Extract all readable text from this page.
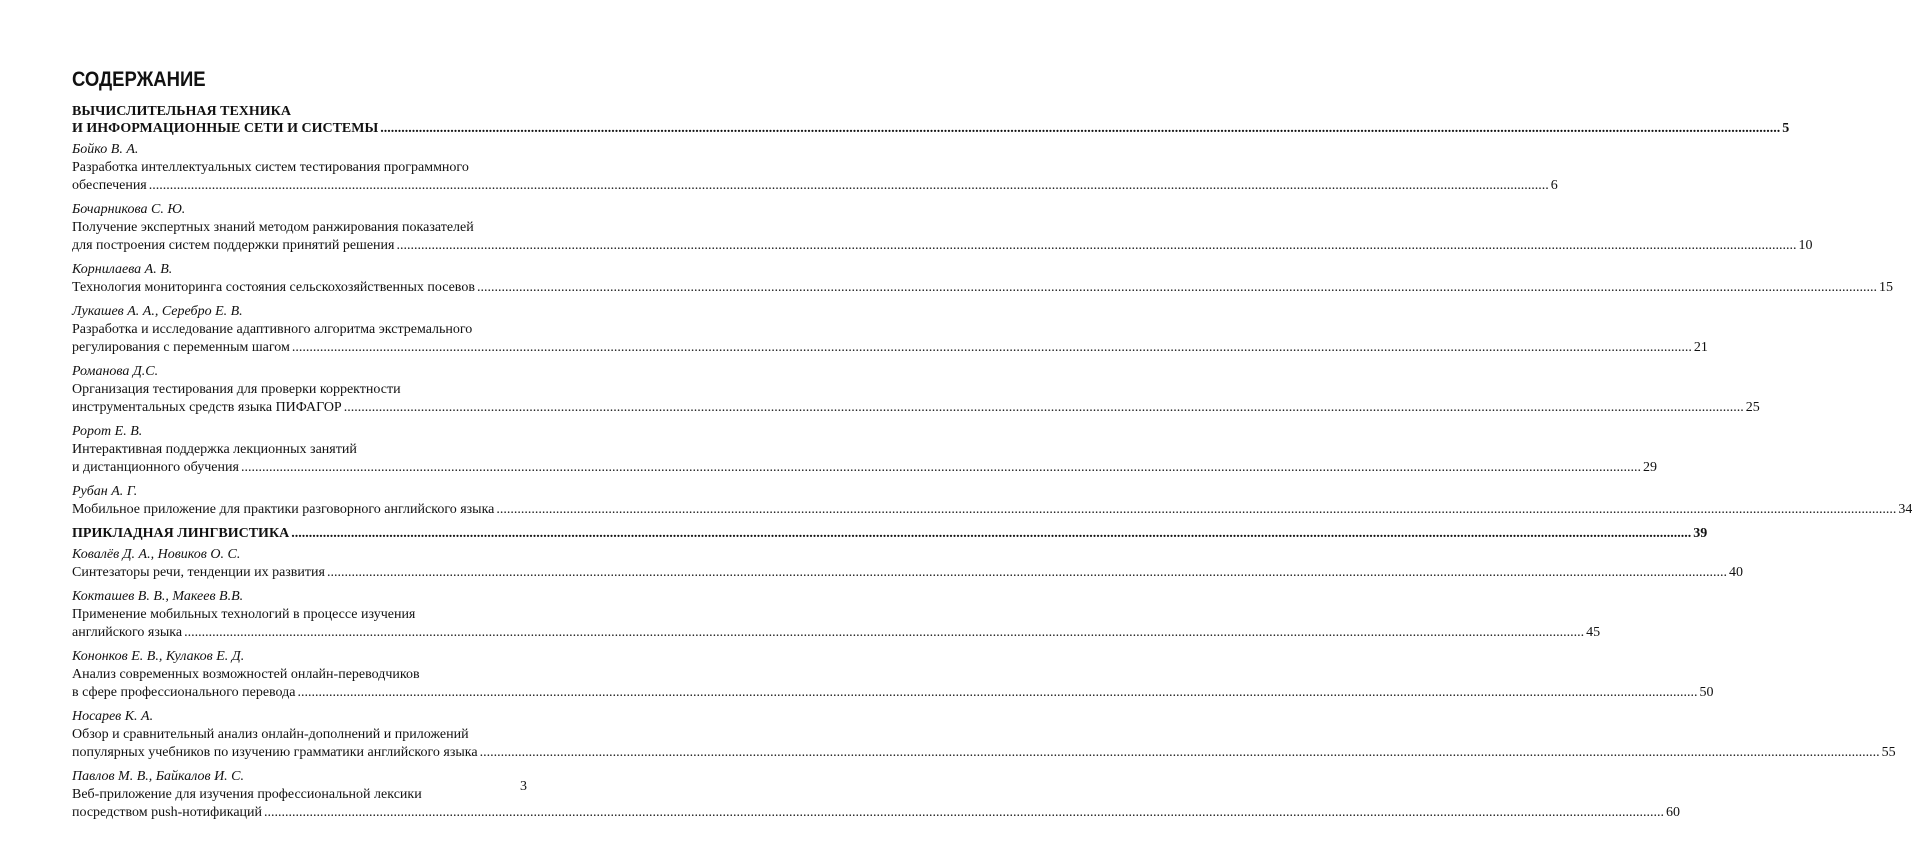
СОДЕРЖАНИЕ
ВЫЧИСЛИТЕЛЬНАЯ ТЕХНИКА
И ИНФОРМАЦИОННЫЕ СЕТИ И СИСТЕМЫ ................................................................................................................................................................................................................................................................................................................................................................................................................ 5
Бойко В. А.
Разработка интеллектуальных систем тестирования программного
обеспечения ................................................................................................................................................................................................................................................................................................................................................................................................................ 6
Бочарникова С. Ю.
Получение экспертных знаний методом ранжирования показателей
для построения систем поддержки принятий решения ................................................................................................................................................................................................................................................................................................................................................................................................................ 10
Корнилаева А. В.
Технология мониторинга состояния сельскохозяйственных посевов ................................................................................................................................................................................................................................................................................................................................................................................................................ 15
Лукашев А. А., Серебро Е. В.
Разработка и исследование адаптивного алгоритма экстремального
регулирования с переменным шагом ................................................................................................................................................................................................................................................................................................................................................................................................................ 21
Романова Д.С.
Организация тестирования для проверки корректности
инструментальных средств языка ПИФАГОР ................................................................................................................................................................................................................................................................................................................................................................................................................ 25
Ророт Е. В.
Интерактивная поддержка лекционных занятий
и дистанционного обучения ................................................................................................................................................................................................................................................................................................................................................................................................................ 29
Рубан А. Г.
Мобильное приложение для практики разговорного английского языка ................................................................................................................................................................................................................................................................................................................................................................................................................ 34
ПРИКЛАДНАЯ ЛИНГВИСТИКА ................................................................................................................................................................................................................................................................................................................................................................................................................ 39
Ковалёв Д. А., Новиков О. С.
Синтезаторы речи, тенденции их развития ................................................................................................................................................................................................................................................................................................................................................................................................................ 40
Кокташев В. В., Макеев В.В.
Применение мобильных технологий в процессе изучения
английского языка ................................................................................................................................................................................................................................................................................................................................................................................................................ 45
Кононков Е. В., Кулаков Е. Д.
Анализ современных возможностей онлайн-переводчиков
в сфере профессионального перевода ................................................................................................................................................................................................................................................................................................................................................................................................................ 50
Носарев К. А.
Обзор и сравнительный анализ онлайн-дополнений и приложений
популярных учебников по изучению грамматики английского языка ................................................................................................................................................................................................................................................................................................................................................................................................................ 55
Павлов М. В., Байкалов И. С.
Веб-приложение для изучения профессиональной лексики
посредством push-нотификаций ................................................................................................................................................................................................................................................................................................................................................................................................................ 60
3
